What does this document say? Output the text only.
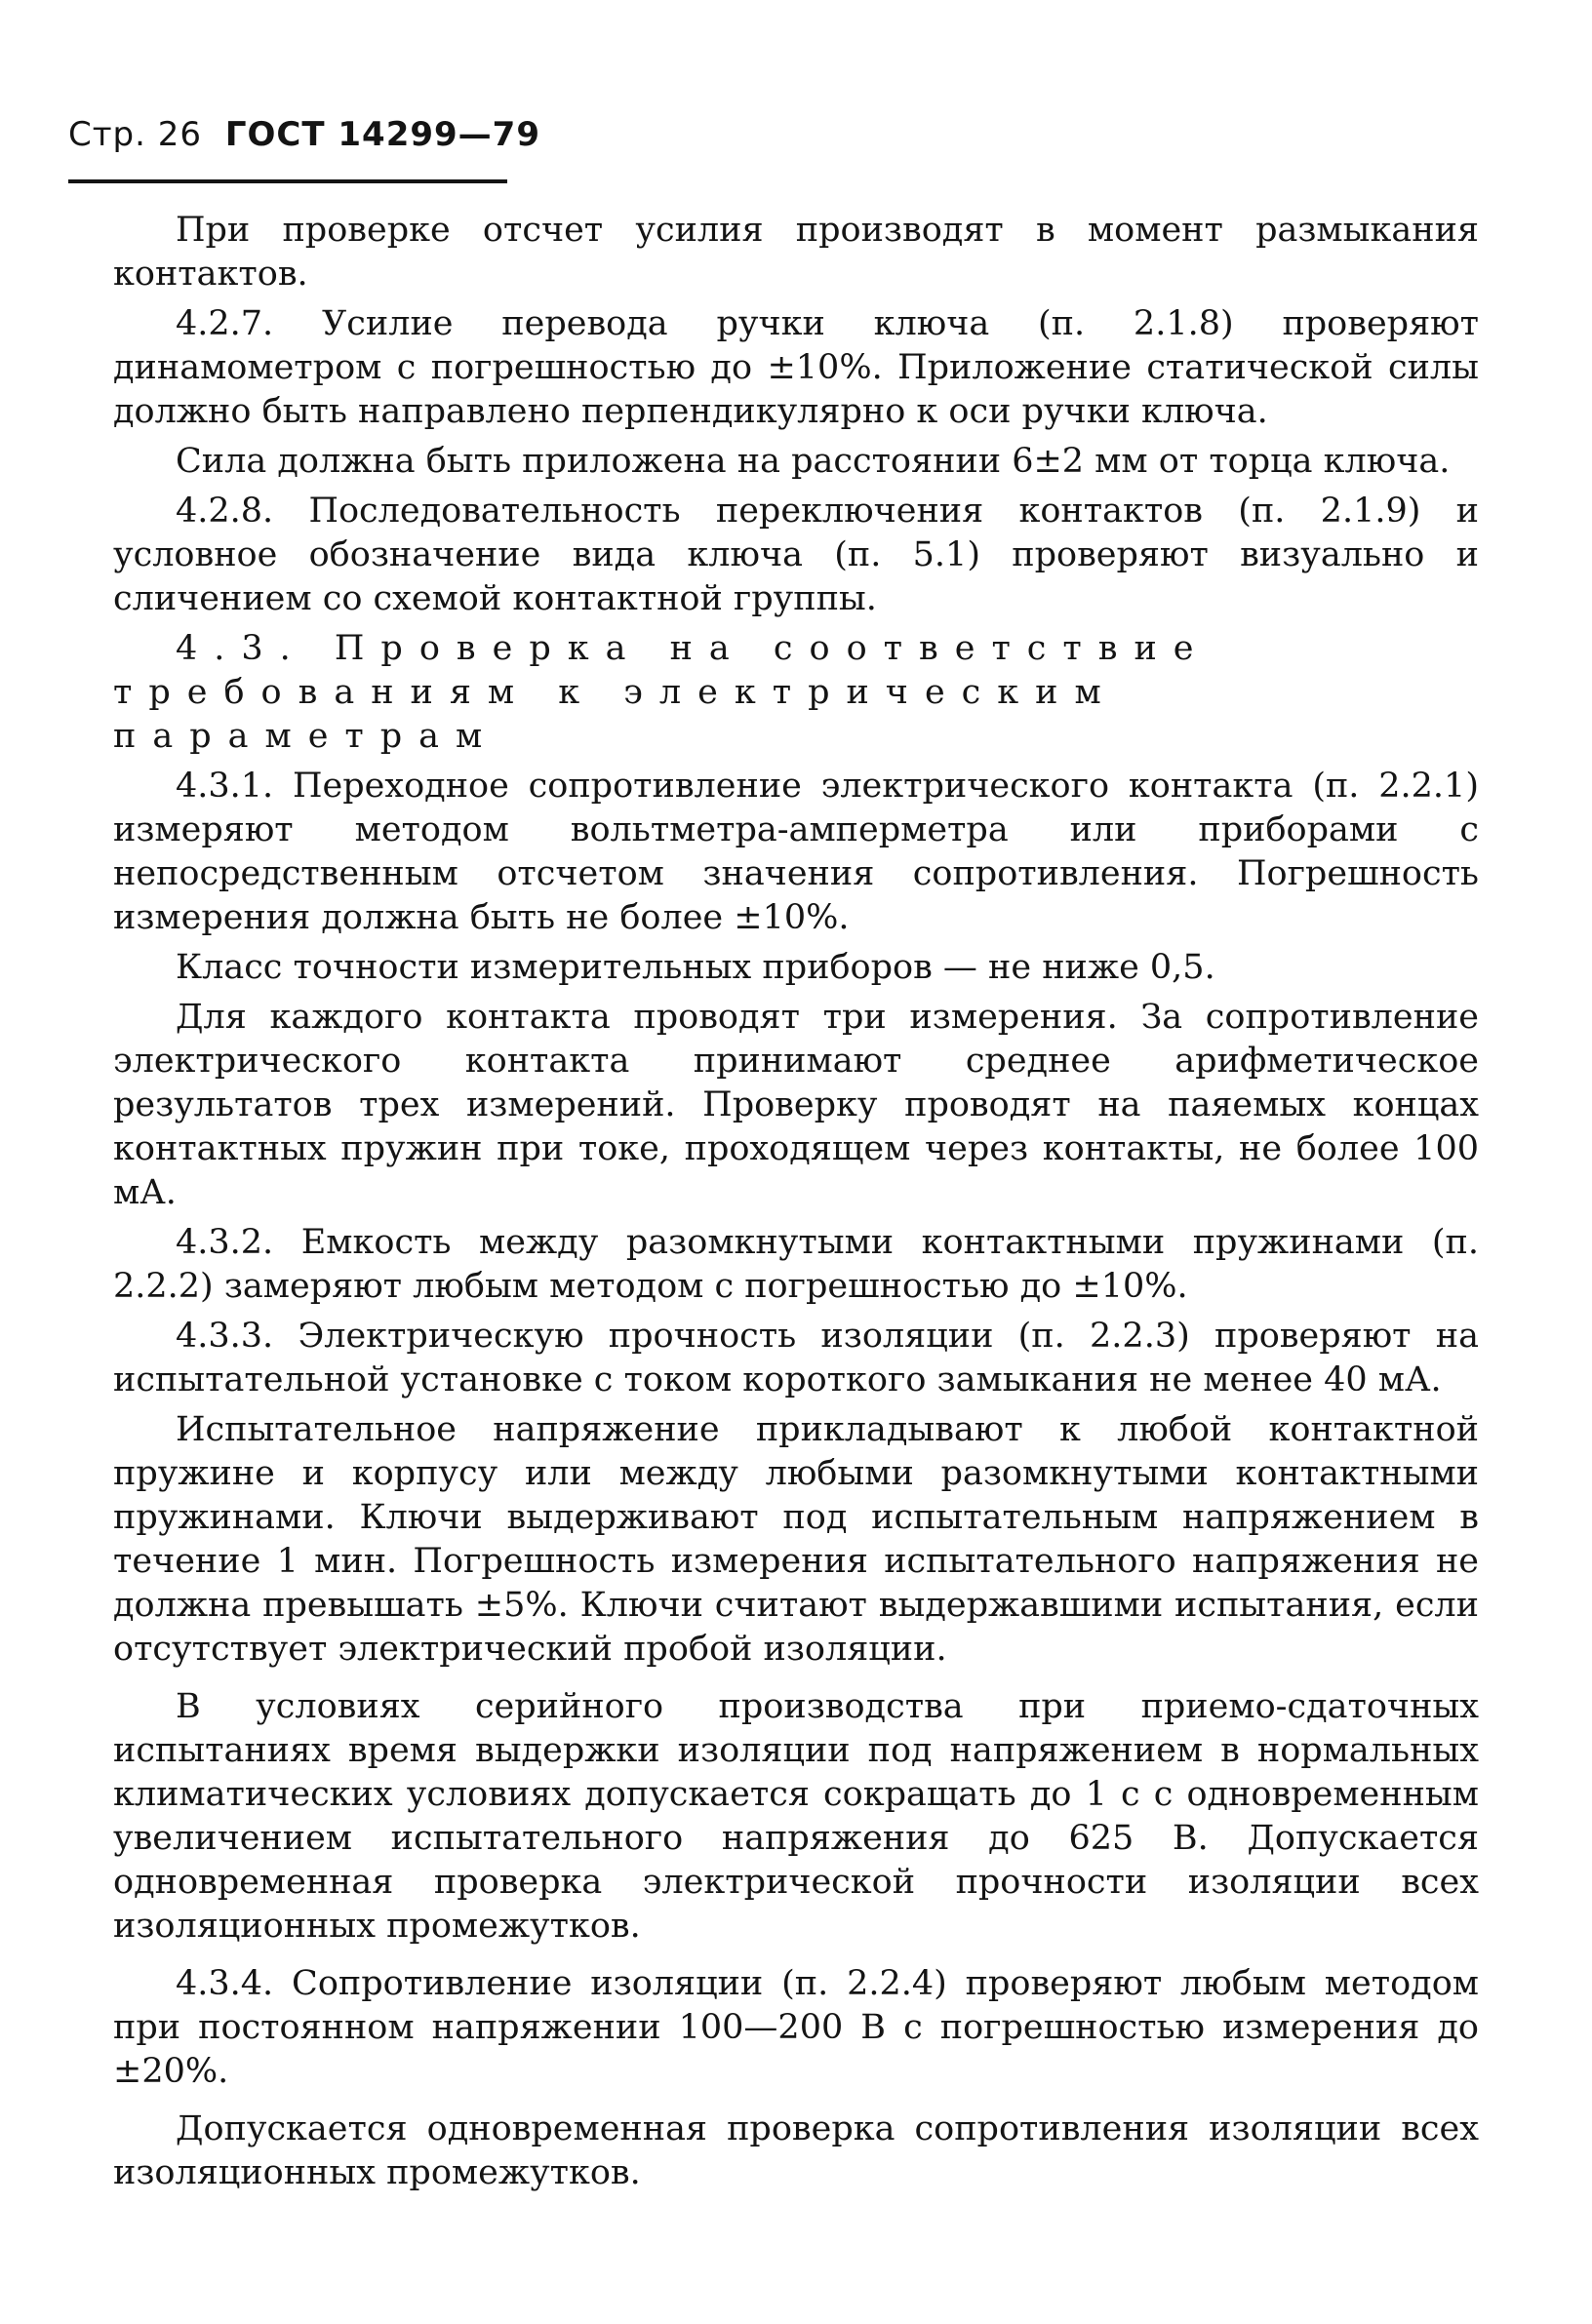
Стр. 26 ГОСТ 14299—79

При проверке отсчет усилия производят в момент размыкания контактов.

4.2.7. Усилие перевода ручки ключа (п. 2.1.8) проверяют динамометром с погрешностью до ±10%. Приложение статической силы должно быть направлено перпендикулярно к оси ручки ключа.

Сила должна быть приложена на расстоянии 6±2 мм от торца ключа.

4.2.8. Последовательность переключения контактов (п. 2.1.9) и условное обозначение вида ключа (п. 5.1) проверяют визуально и сличением со схемой контактной группы.

4.3. Проверка на соответствие требованиям к электрическим параметрам

4.3.1. Переходное сопротивление электрического контакта (п. 2.2.1) измеряют методом вольтметра-амперметра или приборами с непосредственным отсчетом значения сопротивления. Погрешность измерения должна быть не более ±10%.

Класс точности измерительных приборов — не ниже 0,5.

Для каждого контакта проводят три измерения. За сопротивление электрического контакта принимают среднее арифметическое результатов трех измерений. Проверку проводят на паяемых концах контактных пружин при токе, проходящем через контакты, не более 100 мА.

4.3.2. Емкость между разомкнутыми контактными пружинами (п. 2.2.2) замеряют любым методом с погрешностью до ±10%.

4.3.3. Электрическую прочность изоляции (п. 2.2.3) проверяют на испытательной установке с током короткого замыкания не менее 40 мА.

Испытательное напряжение прикладывают к любой контактной пружине и корпусу или между любыми разомкнутыми контактными пружинами. Ключи выдерживают под испытательным напряжением в течение 1 мин. Погрешность измерения испытательного напряжения не должна превышать ±5%. Ключи считают выдержавшими испытания, если отсутствует электрический пробой изоляции.

В условиях серийного производства при приемо-сдаточных испытаниях время выдержки изоляции под напряжением в нормальных климатических условиях допускается сокращать до 1 с с одновременным увеличением испытательного напряжения до 625 В. Допускается одновременная проверка электрической прочности изоляции всех изоляционных промежутков.

4.3.4. Сопротивление изоляции (п. 2.2.4) проверяют любым методом при постоянном напряжении 100—200 В с погрешностью измерения до ±20%.

Допускается одновременная проверка сопротивления изоляции всех изоляционных промежутков.
